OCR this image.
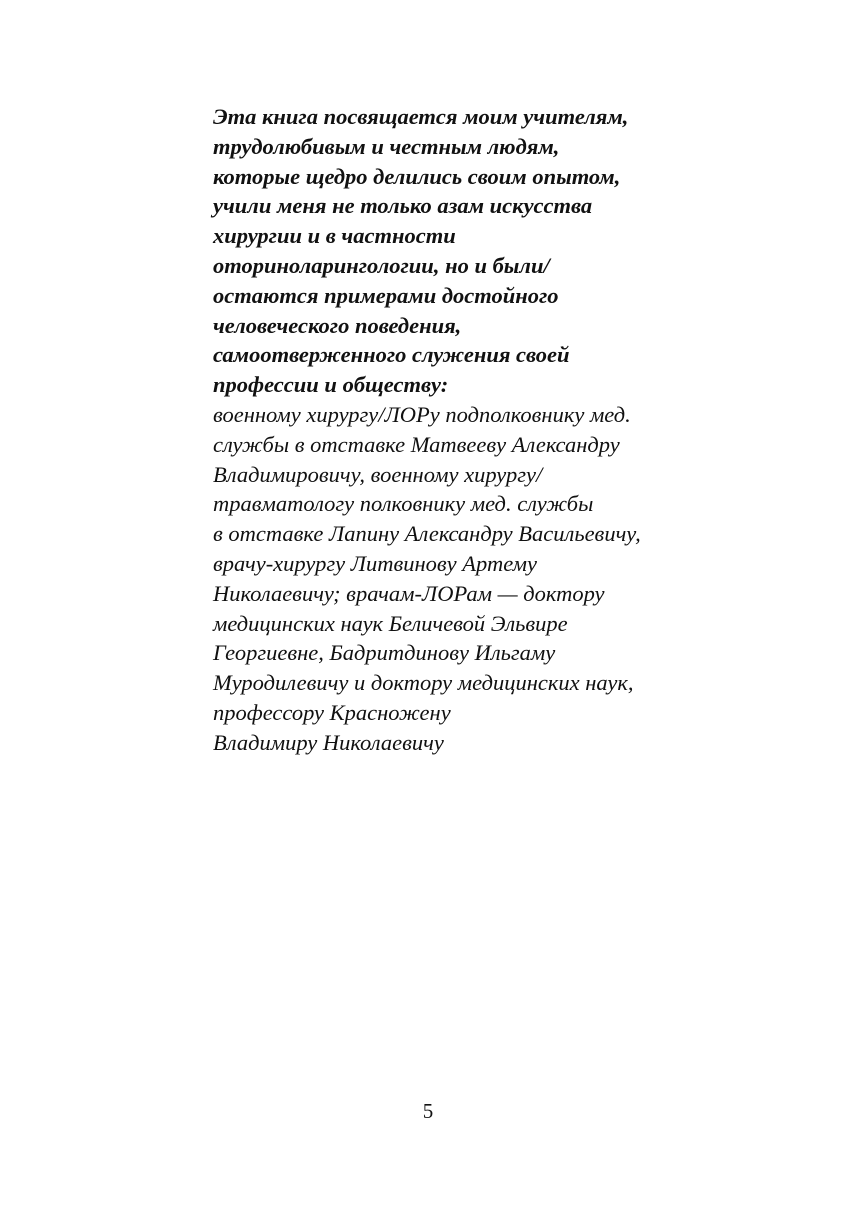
Эта книга посвящается моим учителям,
трудолюбивым и честным людям,
которые щедро делились своим опытом,
учили меня не только азам искусства
хирургии и в частности
оториноларингологии, но и были/
остаются примерами достойного
человеческого поведения,
самоотверженного служения своей
профессии и обществу:
военному хирургу/ЛОРу подполковнику мед.
службы в отставке Матвееву Александру
Владимировичу, военному хирургу/
травматологу полковнику мед. службы
в отставке Лапину Александру Васильевичу,
врачу-хирургу Литвинову Артему
Николаевичу; врачам-ЛОРам — доктору
медицинских наук Беличевой Эльвире
Георгиевне, Бадритдинову Ильгаму
Муродилевичу и доктору медицинских наук,
профессору Красножену
Владимиру Николаевичу
5
